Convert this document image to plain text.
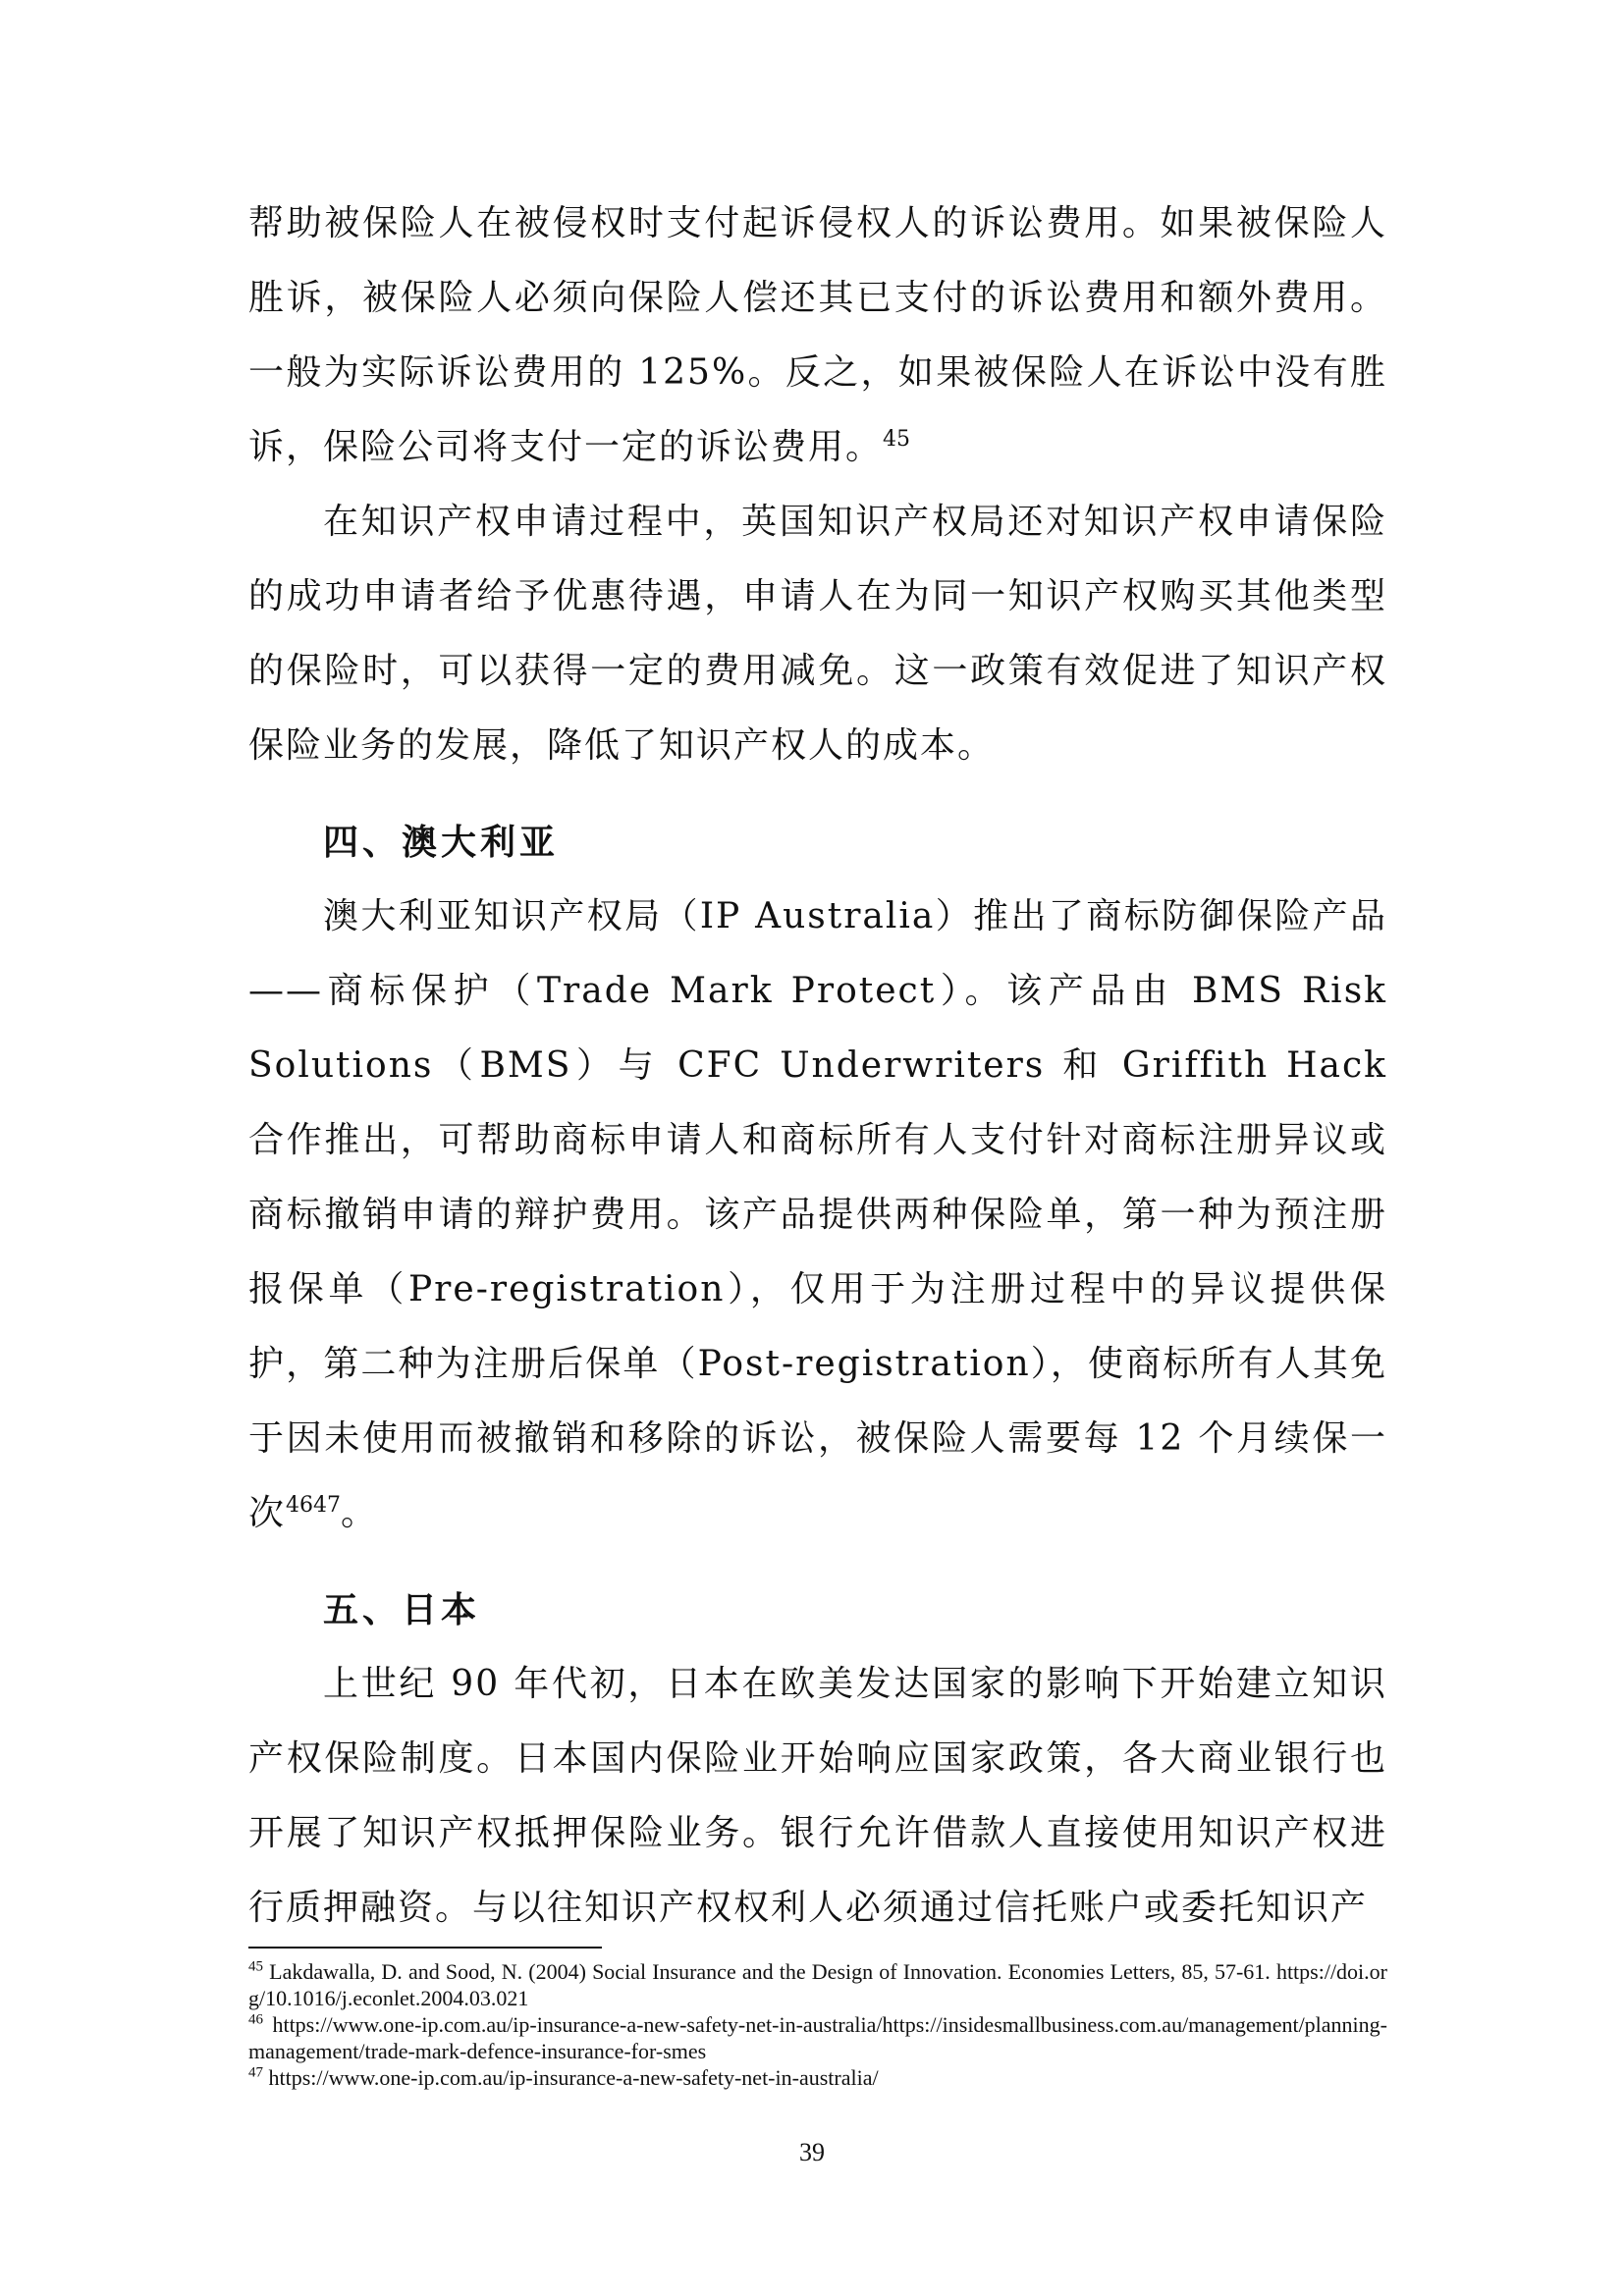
帮助被保险人在被侵权时支付起诉侵权人的诉讼费用。如果被保险人胜诉，被保险人必须向保险人偿还其已支付的诉讼费用和额外费用。一般为实际诉讼费用的 125%。反之，如果被保险人在诉讼中没有胜诉，保险公司将支付一定的诉讼费用。$^{45}$

在知识产权申请过程中，英国知识产权局还对知识产权申请保险的成功申请者给予优惠待遇，申请人在为同一知识产权购买其他类型的保险时，可以获得一定的费用减免。这一政策有效促进了知识产权保险业务的发展，降低了知识产权人的成本。

四、澳大利亚

澳大利亚知识产权局（IP Australia）推出了商标防御保险产品——商标保护（Trade Mark Protect）。该产品由 BMS Risk Solutions（BMS）与 CFC Underwriters 和 Griffith Hack 合作推出，可帮助商标申请人和商标所有人支付针对商标注册异议或商标撤销申请的辩护费用。该产品提供两种保险单，第一种为预注册报保单（Pre-registration），仅用于为注册过程中的异议提供保护，第二种为注册后保单（Post-registration），使商标所有人其免于因未使用而被撤销和移除的诉讼，被保险人需要每 12 个月续保一次$^{4647}$。

五、日本

上世纪 90 年代初，日本在欧美发达国家的影响下开始建立知识产权保险制度。日本国内保险业开始响应国家政策，各大商业银行也开展了知识产权抵押保险业务。银行允许借款人直接使用知识产权进行质押融资。与以往知识产权权利人必须通过信托账户或委托知识产

$^{45}$ Lakdawalla, D. and Sood, N. (2004) Social Insurance and the Design of Innovation. Economies Letters, 85, 57-61. https://doi.org/10.1016/j.econlet.2004.03.021

$^{46}$ https://www.one-ip.com.au/ip-insurance-a-new-safety-net-in-australia/https://insidesmallbusiness.com.au/management/planning-management/trade-mark-defence-insurance-for-smes

$^{47}$ https://www.one-ip.com.au/ip-insurance-a-new-safety-net-in-australia/

39
